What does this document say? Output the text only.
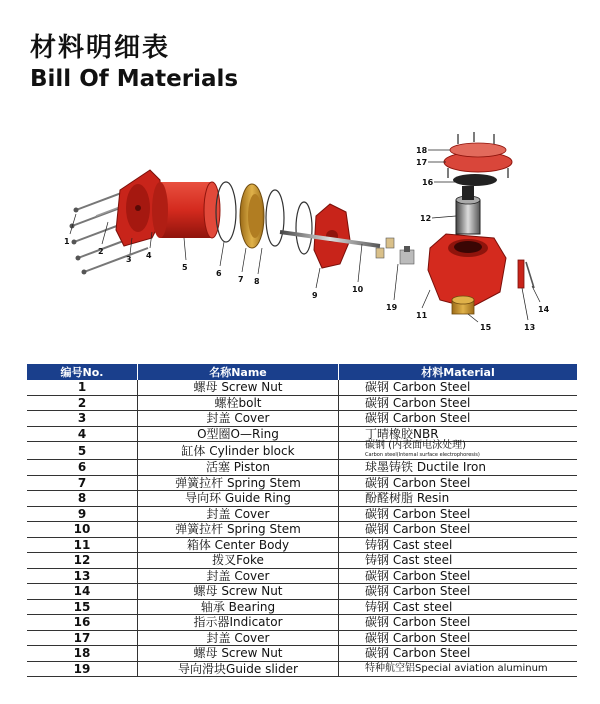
材料明细表
Bill Of Materials
1
2
3 4
5
6
7 8
9
10
11
12
13
14
15
16
17
18
19
编号No.	名称Name	材料Material
1	螺母 Screw Nut	碳钢 Carbon Steel
2	螺栓bolt	碳钢 Carbon Steel
3	封盖 Cover	碳钢 Carbon Steel
4	O型圈O—Ring	丁晴橡胶NBR
5	缸体 Cylinder block	碳钢 (内表面电泳处理)
Carbon steel(Internal surface electrophoresis)
6	活塞 Piston	球墨铸铁 Ductile Iron
7	弹簧拉杆 Spring Stem	碳钢 Carbon Steel
8	导向环 Guide Ring	酚醛树脂 Resin
9	封盖 Cover	碳钢 Carbon Steel
10	弹簧拉杆 Spring Stem	碳钢 Carbon Steel
11	箱体 Center Body	铸钢 Cast steel
12	拨叉Foke	铸钢 Cast steel
13	封盖 Cover	碳钢 Carbon Steel
14	螺母 Screw Nut	碳钢 Carbon Steel
15	轴承 Bearing	铸钢 Cast steel
16	指示器Indicator	碳钢 Carbon Steel
17	封盖 Cover	碳钢 Carbon Steel
18	螺母 Screw Nut	碳钢 Carbon Steel
19	导向滑块Guide slider	特种航空铝Special aviation aluminum
